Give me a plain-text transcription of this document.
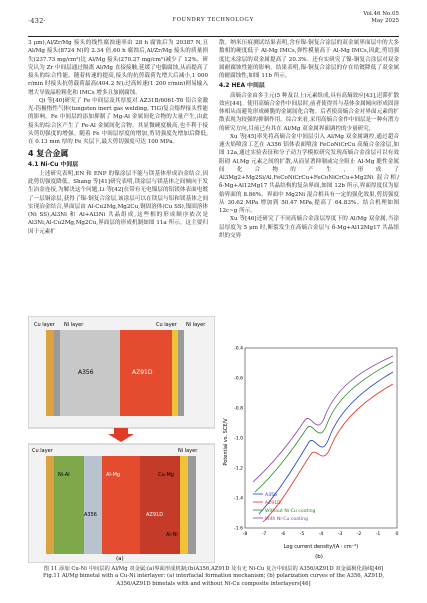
·432·	FOUNDRY TECHNOLOGY
Vol.46 No.05
May 2025

3 μm),Al/Zr/Mg 接头的线性腐蚀速率由 28 h 腐蚀后为 20387 N,且 Al/Mg 接头(8724 N)的 2.34 倍,60 h 腐蚀后,Al/Zr/Mg 接头的质量损失(237.73 mg/cm²)比 Al/Mg 接头(270.27 mg/cm²)减少了 12%。研究认为 Zr 中间层通过隔离 Al/Mg 直接接触,延缓了电偶腐蚀,从而提高了接头的综合性能。随着转速的提高,接头的抗剪载荷先增大后减小,1 000 r/min 时接头抗剪载荷最高(404.2 N);过高转速(1 200 r/min)则易输入增大导致晶粒粗化和 IMCs 增多且加剧腐蚀。

Qi 等[40]研究了 Fe 中间层及其厚度对 AZ31B/6061-T6 铝合金激光-钨极惰性气体(tungsten inert gas welding, TIG)复合熔焊接头性能的影响。Fe 中间层的添加抑制了 Mg-Al 金属间化合物的大量产生,由此接头的综合区产生了 Fe-Al 金属间化合物。其显微硬度极高,也不利于接头剪切强度的增强。随着 Fe 中间层厚度的增加,剪切强度先增加后降低,在 0.13 mm 厚的 Fe 夹层下,最大剪切强度可达 100 MPa。

4 复合金属
4.1 Ni-Cu 中间层

上述研究表明,EN 和 ENP 的镍涂层不能与镁基体形成冶金结合,因此剪切强度降低。Shang 等[41]研究表明,镁涂层与镁基体之间倾向于发生冶金连接,为解决这个问题,Li 等[42]在带有无电镍层的铝镁体表面电镀了一层铜涂层,获得了镍-铜复合涂层,该涂层可以在镁层与铝和镁基体之间实现冶金结合,界面层由 Al-Cu2Mg,Mg2Cu,铜固溶体(Cu SS),镍固溶体(Ni SS),Al3Ni 和 Al+Al3Ni 共晶组成,这些相的形成顺序依次是 Al3Ni,Al-Cu2Mg,Mg2Cu,界面层的形成机制如图 11a 所示。这主要归因于元素扩

散。纳米压痕测试结果表明,含有镍-铜复合涂层的双金属界面层中的大多数相的硬度低于 Al-Mg IMCs,弹性模量高于 Al-Mg IMCs,因此,剪切强度比未涂层的双金属提高了 20.3%。还有实研究了镍-铜复合涂层对双金属耐腐蚀性能的影响。结果表明,镍-铜复合涂层的存在给镀降低了双金属的耐腐蚀性,如图 11b 所示。

4.2 HEA 中间层

高熵合金由多主元(5 种及以上)元素组成,具有高熵效应[43],迟滞扩散效应[44]。使用高熵合金作中间层时,前者使得其与基体金属倾向形成固溶体相从而避免形成硬脆的金属间化合物。后者使高熵合金对界面元素的扩散表现为较强的抑制作用。综合来看,采用高熵合金作中间层是一种有潜力的研究方向,目前已有其在 Al/Mg 双金属界面调控的少量研究。

Xu 等[45]率先将高熵合金中间层引入 Al/Mg 双金属调控,通过超音速火焰喷涂工艺在 A356 铝体表面喷涂 FeCoNiCrCu 高熵合金涂层,如图 12a,通过实验表征和分子动力学模拟研究发现高熵合金涂层可以有效阻碍 Al,Mg 元素之间的扩散,从而显著抑制或完全阻止 Al-Mg 脆性金属间化合物的产生,形成了 Al3Mg2+Mg2Si/Al,FeCoNiCrCu+FeCoNiCrCu+Mg2Ni 混合相/δ-Mg+Al12Mg17 共晶结构的复杂界面,如图 12b 所示,界面厚度仅为原始界面的 8.86%。界面中 Mg2Ni 混合相具有一定的强化效果,剪切强度从 30.62 MPa 增加到 50.47 MPa,提高了 64.83%。结合机理如图 12c~g 所示。

Xu 等[46]还研究了不同高熵合金涂层厚度下的 Al/Mg 双金属,当涂层厚度为 5 μm 时,断裂发生在高熵合金层与 δ-Mg+Al12Mg17 共晶组织的交界

Cu layer Ni layer
A356	AZ91D
Cu layer Ni layer
Cu layer
Ni-Al	Al-Mg
A356	AZ91D
Cu-Mg
Al-Ni
Ni layer
(a)
-1.6
-1.4
-1.2
-1.0
-0.8
-0.6
-0.4
-8	-7	-6	-5	-4	-3	-2	-1	0
Potential vs. SCE/V
Log current density/(A · cm⁻²)
A356
AZ91D
Without Ni-Cu coating
With Ni-Cu coating
(b)
图 11 添加 Cu-Ni 中间层的 Al/Mg 双金属:(a)界面形成机制;(b)A356,AZ91D 及有无 Ni-Cu 复合中间层的 A356/AZ91D 双金属极化曲线[46]
Fig.11 Al/Mg bimetal with a Cu-Ni interlayer: (a) interfacial formation mechanism; (b) polarization curves of the A356, AZ91D,
A356/AZ91D bimetals with and without Ni-Cu composite interlayers[46]
